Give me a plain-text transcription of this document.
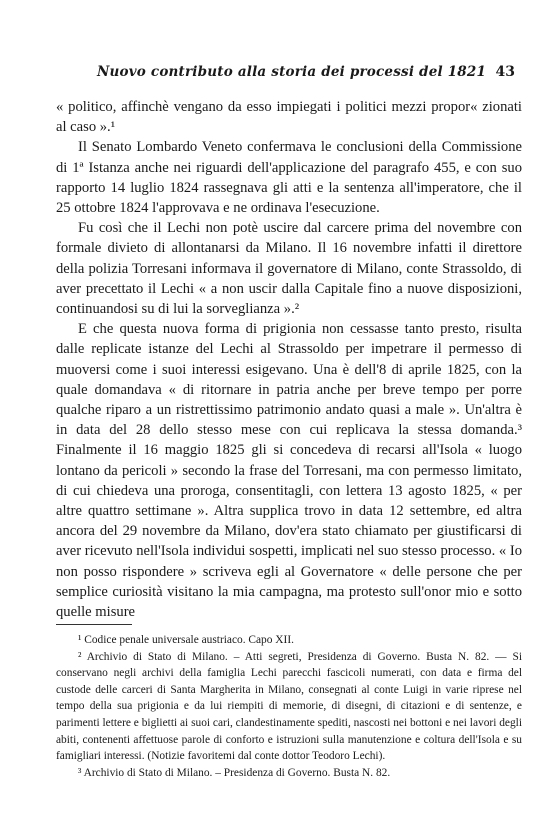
Nuovo contributo alla storia dei processi del 1821 43

« politico, affinchè vengano da esso impiegati i politici mezzi propor« zionati al caso ».¹

Il Senato Lombardo Veneto confermava le conclusioni della Commissione di 1ª Istanza anche nei riguardi dell'applicazione del paragrafo 455, e con suo rapporto 14 luglio 1824 rassegnava gli atti e la sentenza all'imperatore, che il 25 ottobre 1824 l'approvava e ne ordinava l'esecuzione.

Fu così che il Lechi non potè uscire dal carcere prima del novembre con formale divieto di allontanarsi da Milano. Il 16 novembre infatti il direttore della polizia Torresani informava il governatore di Milano, conte Strassoldo, di aver precettato il Lechi « a non uscir dalla Capitale fino a nuove disposizioni, continuandosi su di lui la sorveglianza ».²

E che questa nuova forma di prigionia non cessasse tanto presto, risulta dalle replicate istanze del Lechi al Strassoldo per impetrare il permesso di muoversi come i suoi interessi esigevano. Una è dell'8 di aprile 1825, con la quale domandava « di ritornare in patria anche per breve tempo per porre qualche riparo a un ristrettissimo patrimonio andato quasi a male ». Un'altra è in data del 28 dello stesso mese con cui replicava la stessa domanda.³ Finalmente il 16 maggio 1825 gli si concedeva di recarsi all'Isola « luogo lontano da pericoli » secondo la frase del Torresani, ma con permesso limitato, di cui chiedeva una proroga, consentitagli, con lettera 13 agosto 1825, « per altre quattro settimane ». Altra supplica trovo in data 12 settembre, ed altra ancora del 29 novembre da Milano, dov'era stato chiamato per giustificarsi di aver ricevuto nell'Isola individui sospetti, implicati nel suo stesso processo. « Io non posso rispondere » scriveva egli al Governatore « delle persone che per semplice curiosità visitano la mia campagna, ma protesto sull'onor mio e sotto quelle misure

¹ Codice penale universale austriaco. Capo XII.

² Archivio di Stato di Milano. – Atti segreti, Presidenza di Governo. Busta N. 82. — Si conservano negli archivi della famiglia Lechi parecchi fascicoli numerati, con data e firma del custode delle carceri di Santa Margherita in Milano, consegnati al conte Luigi in varie riprese nel tempo della sua prigionia e da lui riempiti di memorie, di disegni, di citazioni e di sentenze, e parimenti lettere e biglietti ai suoi cari, clandestinamente spediti, nascosti nei bottoni e nei lavori degli abiti, contenenti affettuose parole di conforto e istruzioni sulla manutenzione e coltura dell'Isola e su famigliari interessi. (Notizie favoritemi dal conte dottor Teodoro Lechi).

³ Archivio di Stato di Milano. – Presidenza di Governo. Busta N. 82.
